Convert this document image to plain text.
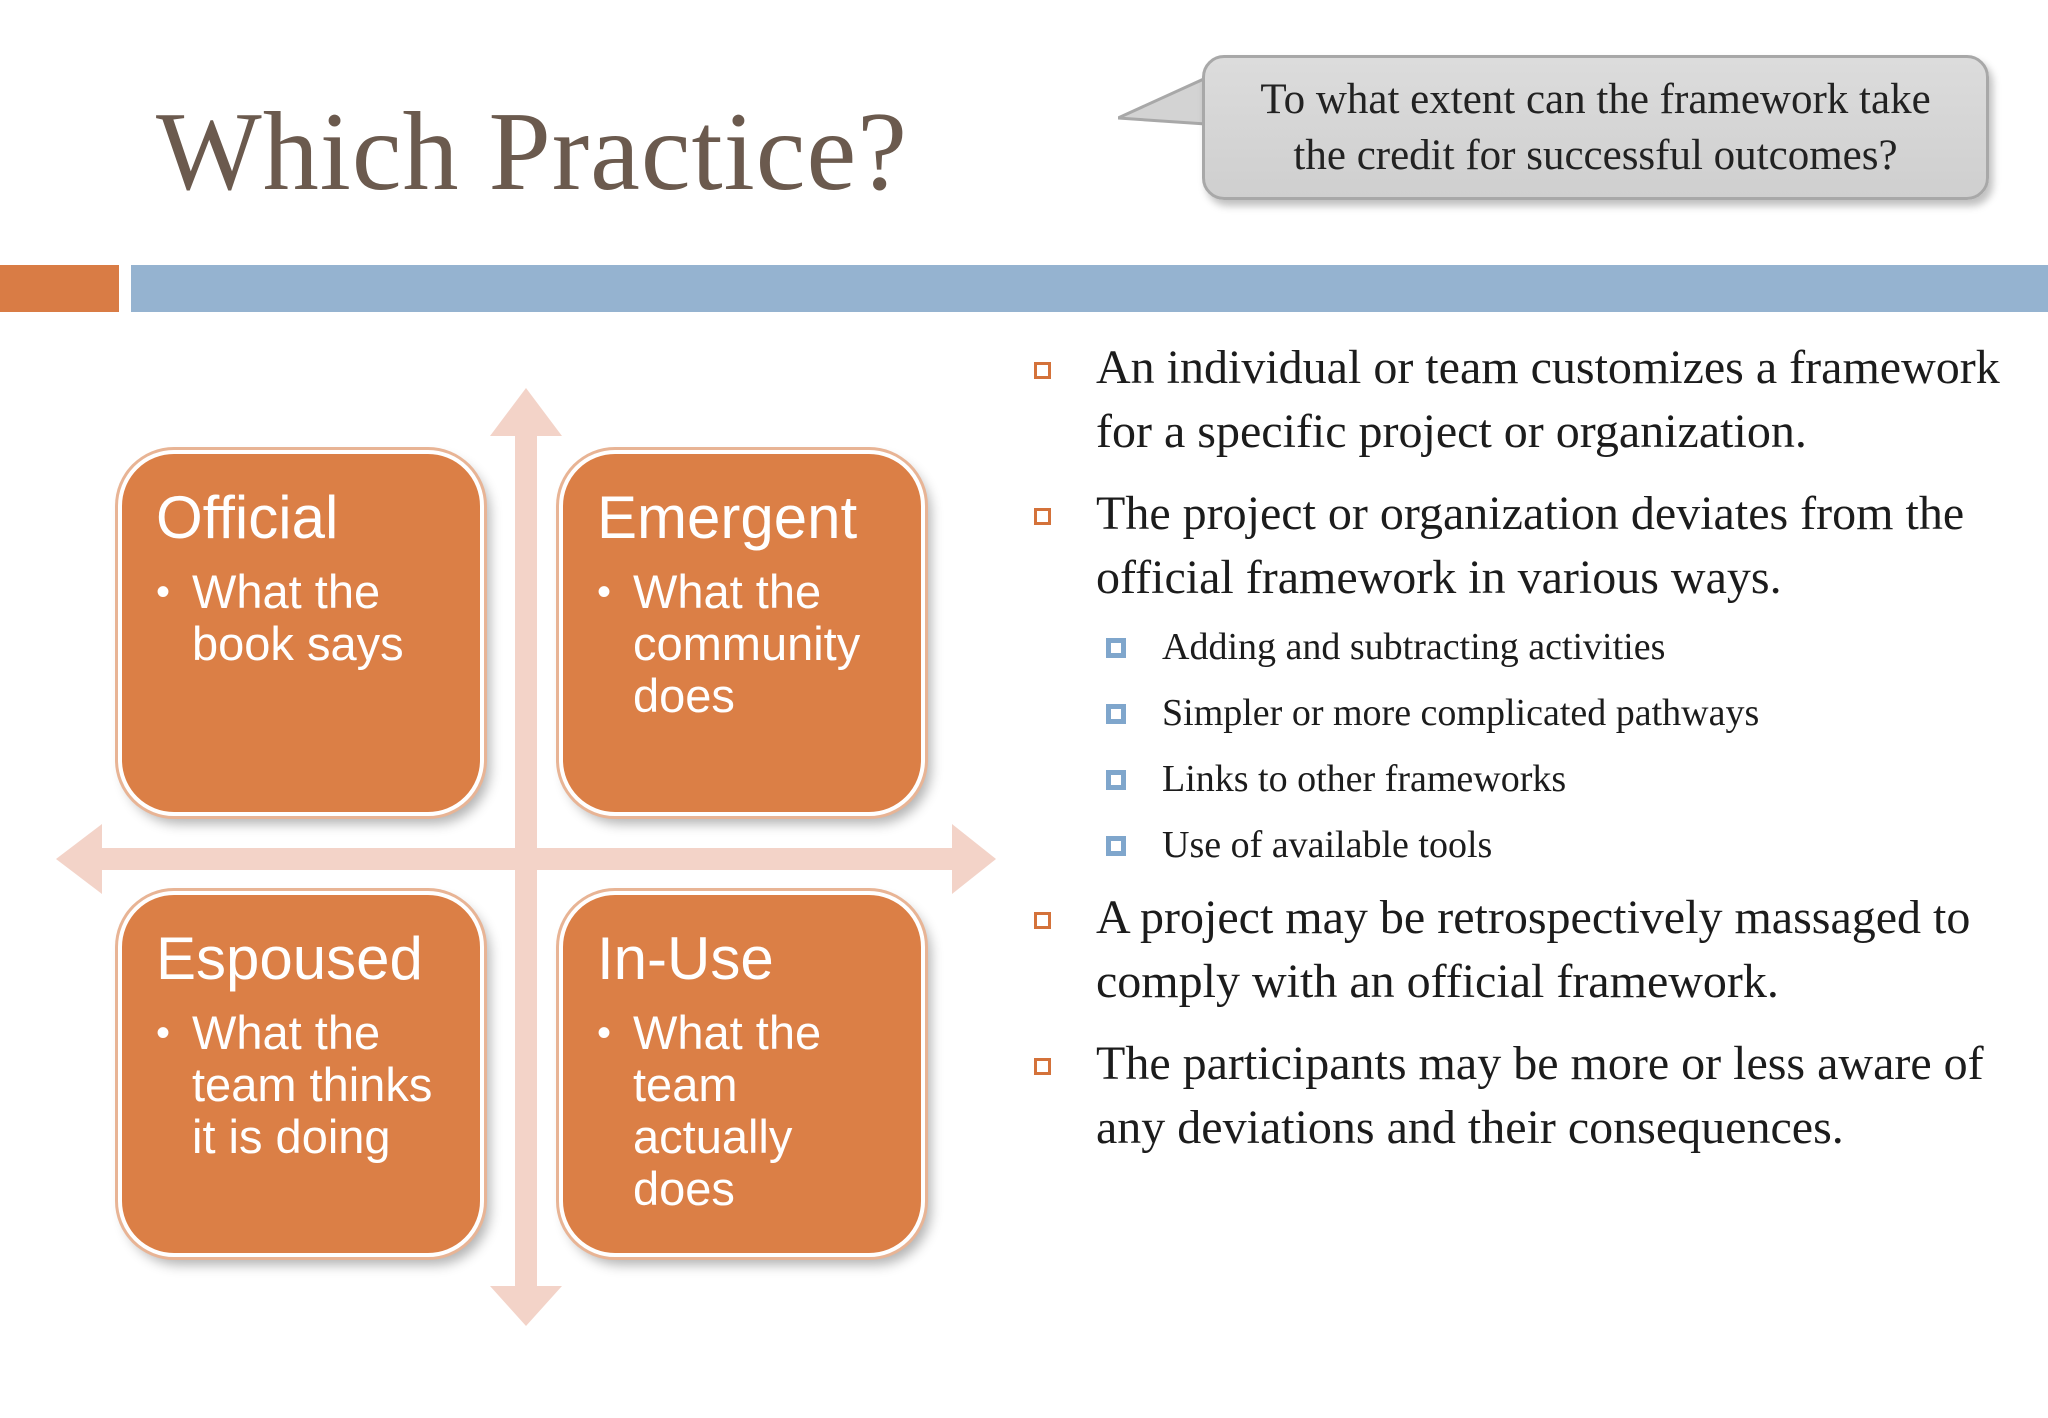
Which Practice?	To what extent can the framework take
the credit for successful outcomes?
Official
• What the book says
Emergent
• What the community does
Espoused
• What the team thinks it is doing
In-Use
• What the team actually does
An individual or team customizes a framework for a specific project or organization.
The project or organization deviates from the official framework in various ways.
Adding and subtracting activities
Simpler or more complicated pathways
Links to other frameworks
Use of available tools
A project may be retrospectively massaged to comply with an official framework.
The participants may be more or less aware of any deviations and their consequences.
